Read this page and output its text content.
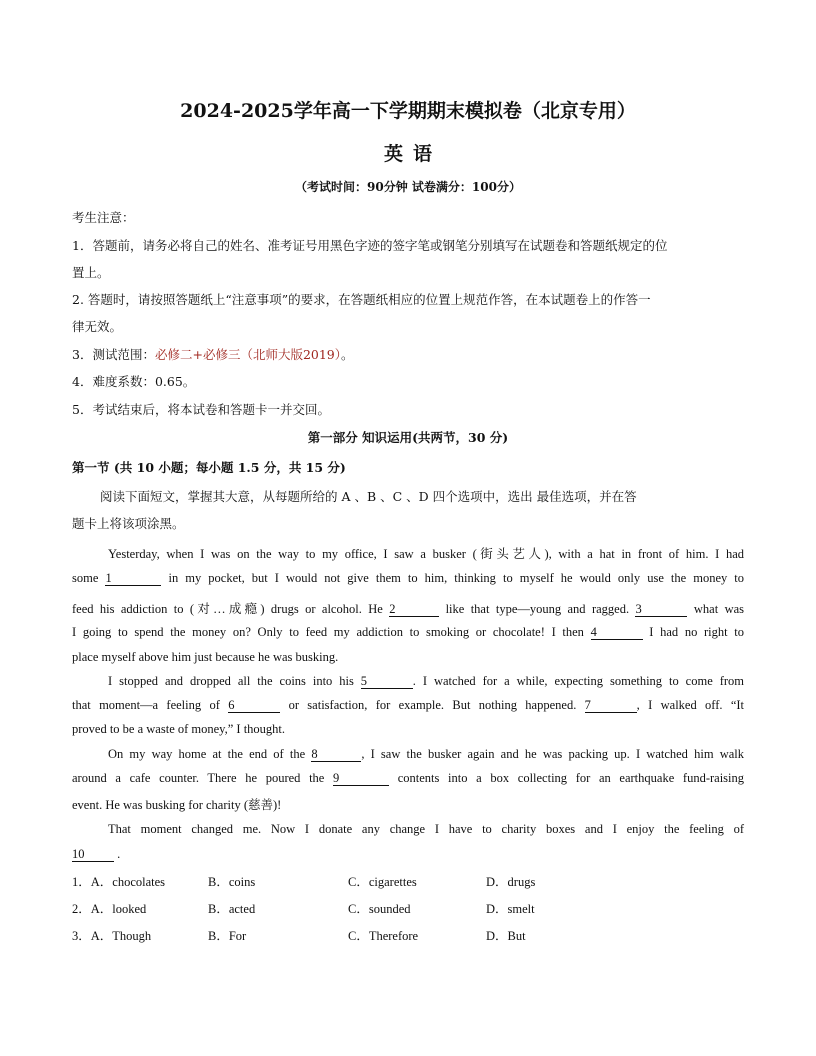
2024-2025学年高一下学期期末模拟卷（北京专用）
英语
（考试时间：90分钟 试卷满分：100分）
考生注意：
1．答题前，请务必将自己的姓名、准考证号用黑色字迹的签字笔或钢笔分别填写在试题卷和答题纸规定的位
置上。
2. 答题时，请按照答题纸上“注意事项”的要求，在答题纸相应的位置上规范作答，在本试题卷上的作答一
律无效。
3．测试范围：必修二+必修三（北师大版2019）。
4．难度系数：0.65。
5．考试结束后，将本试卷和答题卡一并交回。
第一部分 知识运用(共两节，30 分)
第一节 (共 10 小题；每小题 1.5 分，共 15 分)
阅读下面短文，掌握其大意，从每题所给的 A 、B 、C 、D 四个选项中，选出 最佳选项，并在答
题卡上将该项涂黑。
Yesterday, when I was on the way to my office, I saw a busker (街头艺人), with a hat in front of him. I had
some 1	in my pocket, but I would not give them to him, thinking to myself he would only use the money to
feed his addiction to (对…成瘾) drugs or alcohol. He 2	like that type—young and ragged. 3	what was
I going to spend the money on? Only to feed my addiction to smoking or chocolate! I then 4	I had no right to
place myself above him just because he was busking.
I stopped and dropped all the coins into his 5	. I watched for a while, expecting something to come from
that moment—a feeling of 6	or satisfaction, for example. But nothing happened. 7	, I walked off. “It
proved to be a waste of money,” I thought.
On my way home at the end of the 8	, I saw the busker again and he was packing up. I watched him walk
around a cafe counter. There he poured the 9	contents into a box collecting for an earthquake fund-raising
event. He was busking for charity (慈善)!
That moment changed me. Now I donate any change I have to charity boxes and I enjoy the feeling of
10	.
1．A．chocolates	B．coins	C．cigarettes	D．drugs
2．A．looked	B．acted	C．sounded	D．smelt
3．A．Though	B．For	C．Therefore	D．But
